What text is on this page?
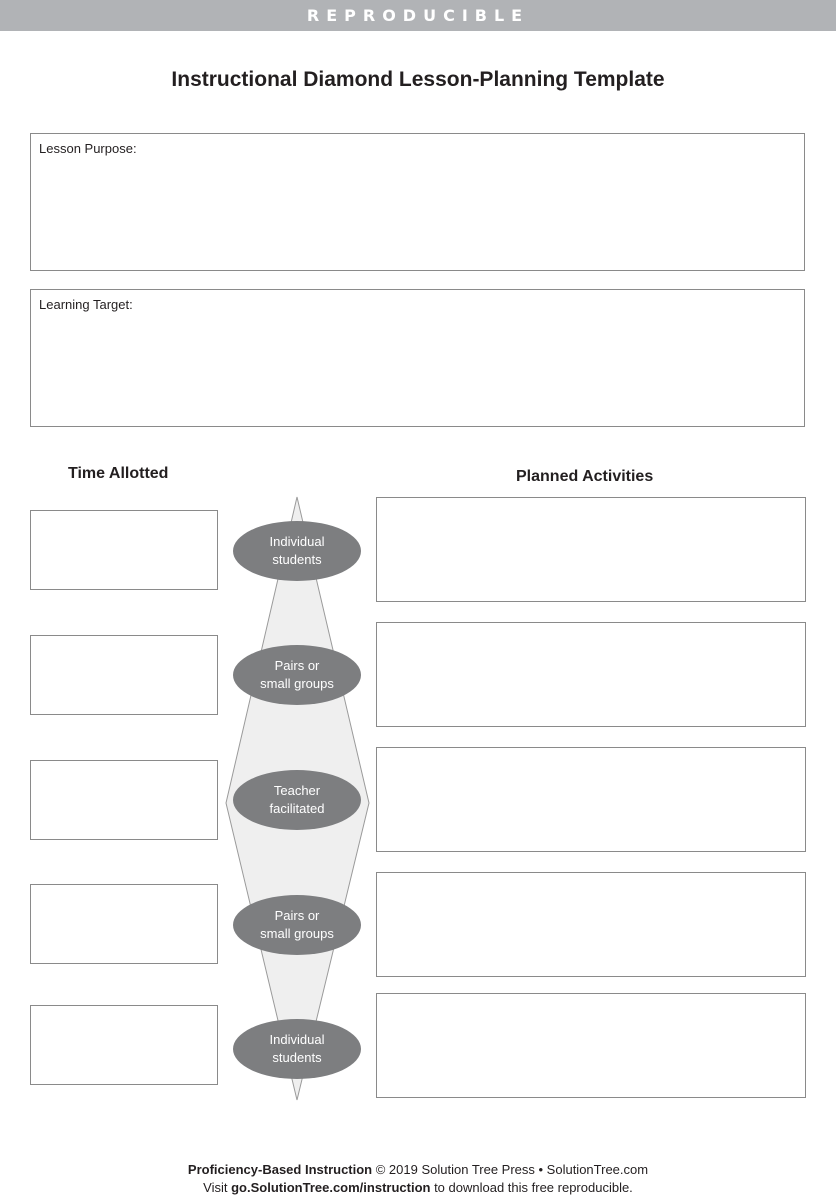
REPRODUCIBLE
Instructional Diamond Lesson-Planning Template
Lesson Purpose:
Learning Target:
Time Allotted	Planned Activities
Individual
students
Pairs or
small groups
Teacher
facilitated
Pairs or
small groups
Individual
students
Proficiency-Based Instruction © 2019 Solution Tree Press • SolutionTree.com
Visit go.SolutionTree.com/instruction to download this free reproducible.
